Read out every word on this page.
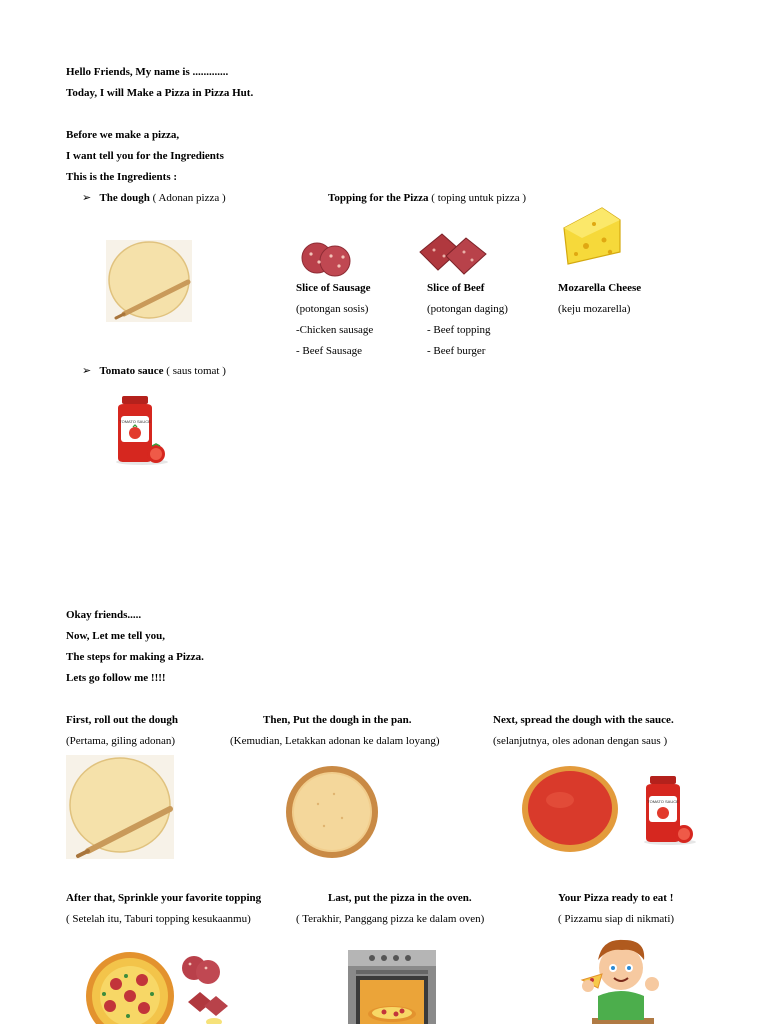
Hello Friends, My name is .............
Today, I will Make a Pizza in Pizza Hut.
Before we make a pizza,
I want tell you for the Ingredients
This is the Ingredients :
➢ The dough ( Adonan pizza )	Topping for the Pizza ( toping untuk pizza )
Slice of Sausage
(potongan sosis)
-Chicken sausage
- Beef Sausage
Slice of Beef
(potongan daging)
- Beef topping
- Beef burger
Mozarella Cheese
(keju mozarella)
➢ Tomato sauce ( saus tomat )
TOMATO SAUCE
Okay friends.....
Now, Let me tell you,
The steps for making a Pizza.
Lets go follow me !!!!
First, roll out the dough
(Pertama, giling adonan)
Then, Put the dough in the pan.
(Kemudian, Letakkan adonan ke dalam loyang)
Next, spread the dough with the sauce.
(selanjutnya, oles adonan dengan saus )
TOMATO SAUCE
After that, Sprinkle your favorite topping
( Setelah itu, Taburi topping kesukaanmu)
Last, put the pizza in the oven.
( Terakhir, Panggang pizza ke dalam oven)
Your Pizza ready to eat !
( Pizzamu siap di nikmati)
